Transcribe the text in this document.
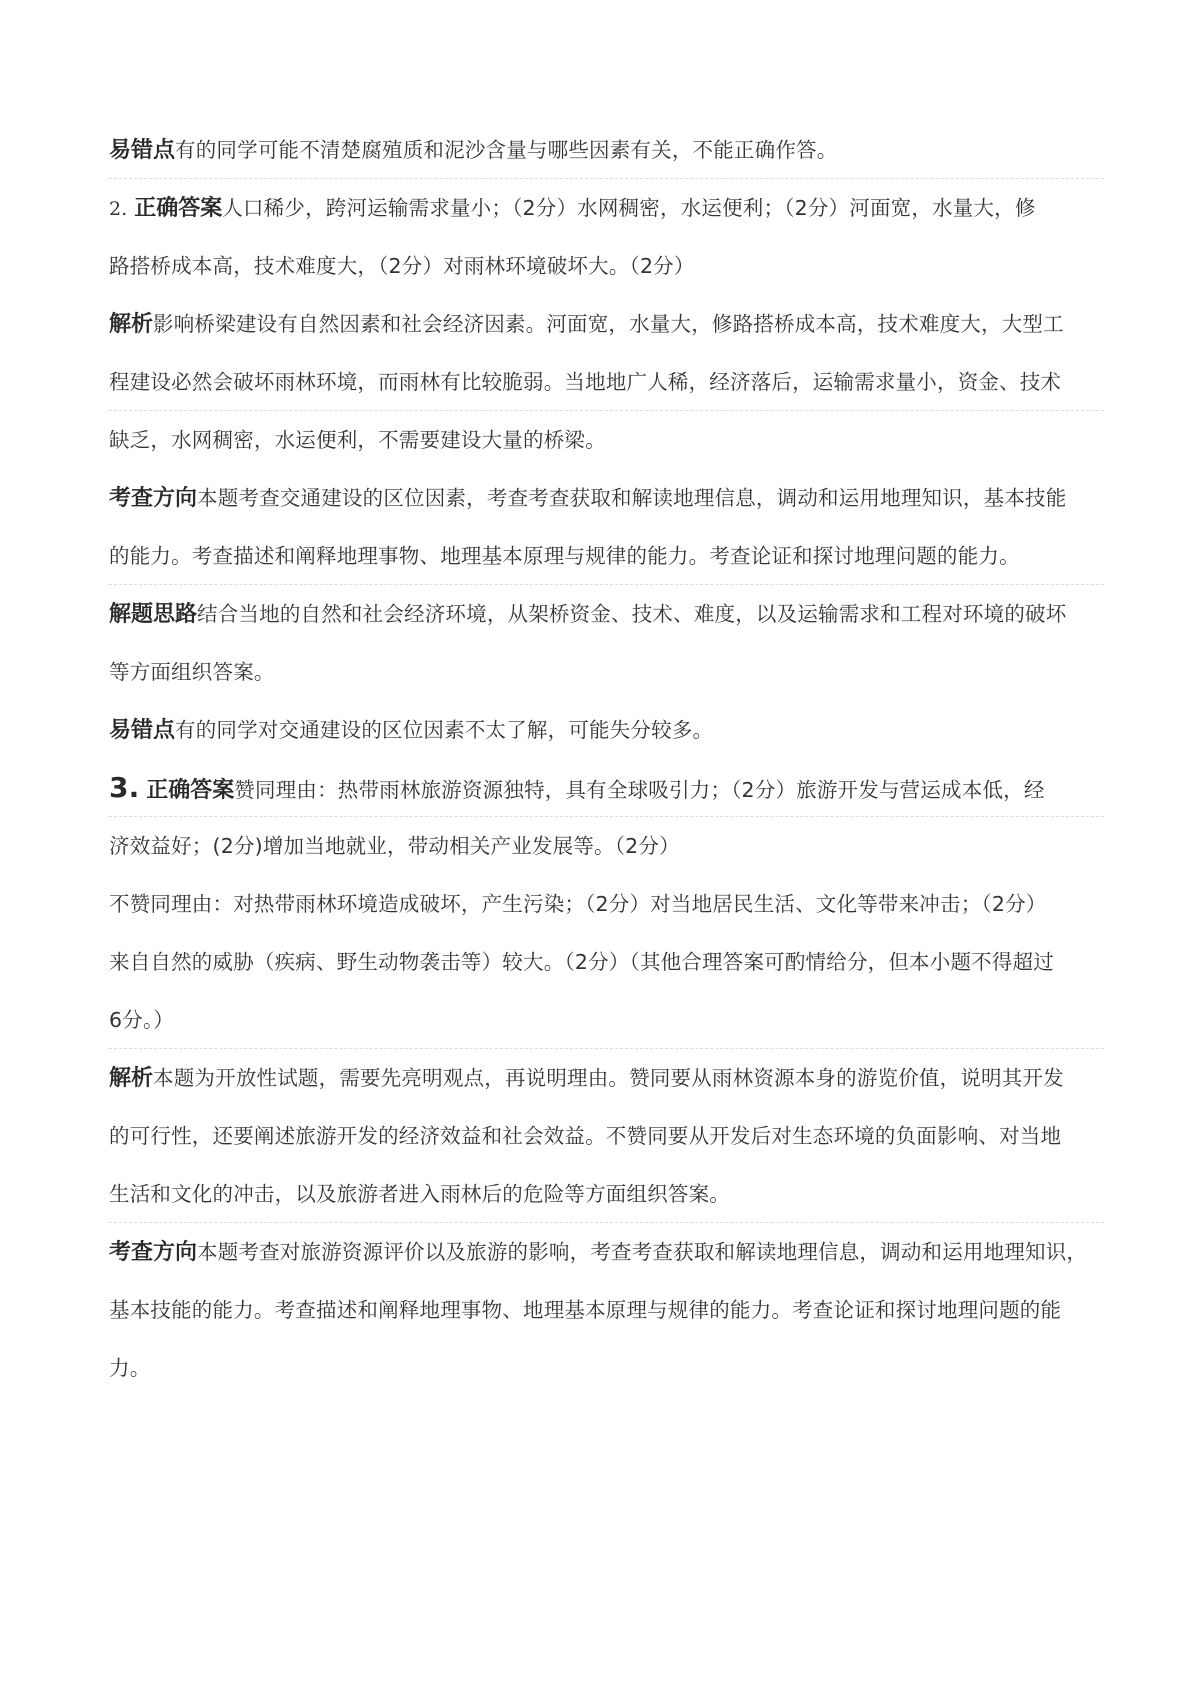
易错点有的同学可能不清楚腐殖质和泥沙含量与哪些因素有关，不能正确作答。
2. 正确答案人口稀少，跨河运输需求量小；（2分）水网稠密，水运便利；（2分）河面宽，水量大，修
路搭桥成本高，技术难度大，（2分）对雨林环境破坏大。（2分）
解析影响桥梁建设有自然因素和社会经济因素。河面宽，水量大，修路搭桥成本高，技术难度大，大型工
程建设必然会破坏雨林环境，而雨林有比较脆弱。当地地广人稀，经济落后，运输需求量小，资金、技术
缺乏，水网稠密，水运便利，不需要建设大量的桥梁。
考查方向本题考查交通建设的区位因素，考查考查获取和解读地理信息，调动和运用地理知识，基本技能
的能力。考查描述和阐释地理事物、地理基本原理与规律的能力。考查论证和探讨地理问题的能力。
解题思路结合当地的自然和社会经济环境，从架桥资金、技术、难度，以及运输需求和工程对环境的破坏
等方面组织答案。
易错点有的同学对交通建设的区位因素不太了解，可能失分较多。
3. 正确答案赞同理由：热带雨林旅游资源独特，具有全球吸引力；（2分）旅游开发与营运成本低，经
济效益好；(2分)增加当地就业，带动相关产业发展等。（2分）
不赞同理由：对热带雨林环境造成破坏，产生污染；（2分）对当地居民生活、文化等带来冲击；（2分）
来自自然的威胁（疾病、野生动物袭击等）较大。（2分）（其他合理答案可酌情给分，但本小题不得超过
6分。）
解析本题为开放性试题，需要先亮明观点，再说明理由。赞同要从雨林资源本身的游览价值，说明其开发
的可行性，还要阐述旅游开发的经济效益和社会效益。不赞同要从开发后对生态环境的负面影响、对当地
生活和文化的冲击，以及旅游者进入雨林后的危险等方面组织答案。
考查方向本题考查对旅游资源评价以及旅游的影响，考查考查获取和解读地理信息，调动和运用地理知识，
基本技能的能力。考查描述和阐释地理事物、地理基本原理与规律的能力。考查论证和探讨地理问题的能
力。
